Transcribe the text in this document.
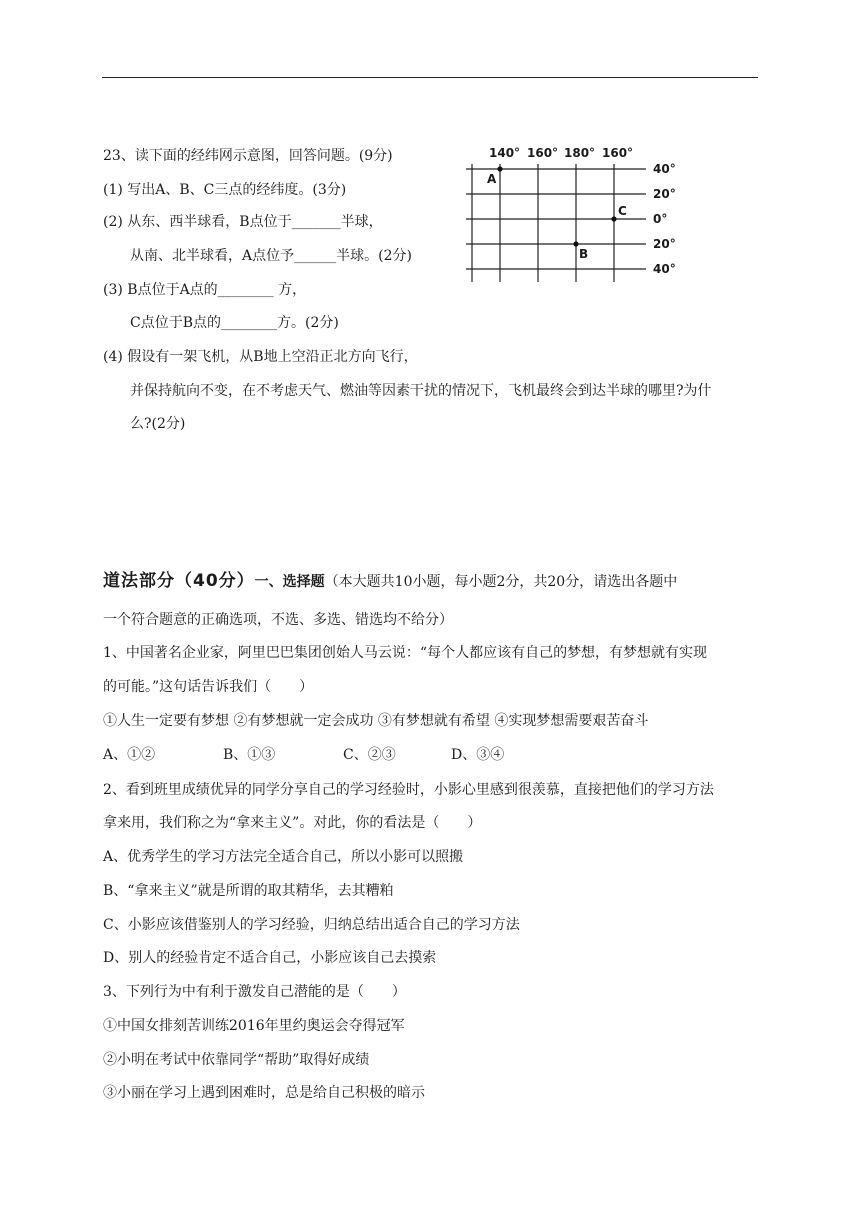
23、读下面的经纬网示意图，回答问题。(9分)
(1) 写出A、B、C三点的经纬度。(3分)
(2) 从东、西半球看，B点位于_______半球，
从南、北半球看，A点位予______半球。(2分)
(3) B点位于A点的________ 方，
C点位于B点的________方。(2分)
(4) 假设有一架飞机，从B地上空沿正北方向飞行，
并保持航向不变，在不考虑天气、燃油等因素干扰的情况下，飞机最终会到达半球的哪里?为什
么?(2分)
140° 160° 180° 160°
40°
20°
0°
20°
40°
A
B
C
道法部分（40分）一、选择题（本大题共10小题，每小题2分，共20分，请选出各题中
一个符合题意的正确选项，不选、多选、错选均不给分）
1、中国著名企业家，阿里巴巴集团创始人马云说：“每个人都应该有自己的梦想，有梦想就有实现
的可能。”这句话告诉我们（　　）
①人生一定要有梦想 ②有梦想就一定会成功 ③有梦想就有希望 ④实现梦想需要艰苦奋斗
A、①②	B、①③	C、②③	D、③④
2、看到班里成绩优异的同学分享自己的学习经验时，小影心里感到很羡慕，直接把他们的学习方法
拿来用，我们称之为“拿来主义”。对此，你的看法是（　　）
A、优秀学生的学习方法完全适合自己，所以小影可以照搬
B、“拿来主义”就是所谓的取其精华，去其糟粕
C、小影应该借鉴别人的学习经验，归纳总结出适合自己的学习方法
D、别人的经验肯定不适合自己，小影应该自己去摸索
3、下列行为中有利于激发自己潜能的是（　　）
①中国女排刻苦训练2016年里约奥运会夺得冠军
②小明在考试中依靠同学“帮助”取得好成绩
③小丽在学习上遇到困难时，总是给自己积极的暗示
